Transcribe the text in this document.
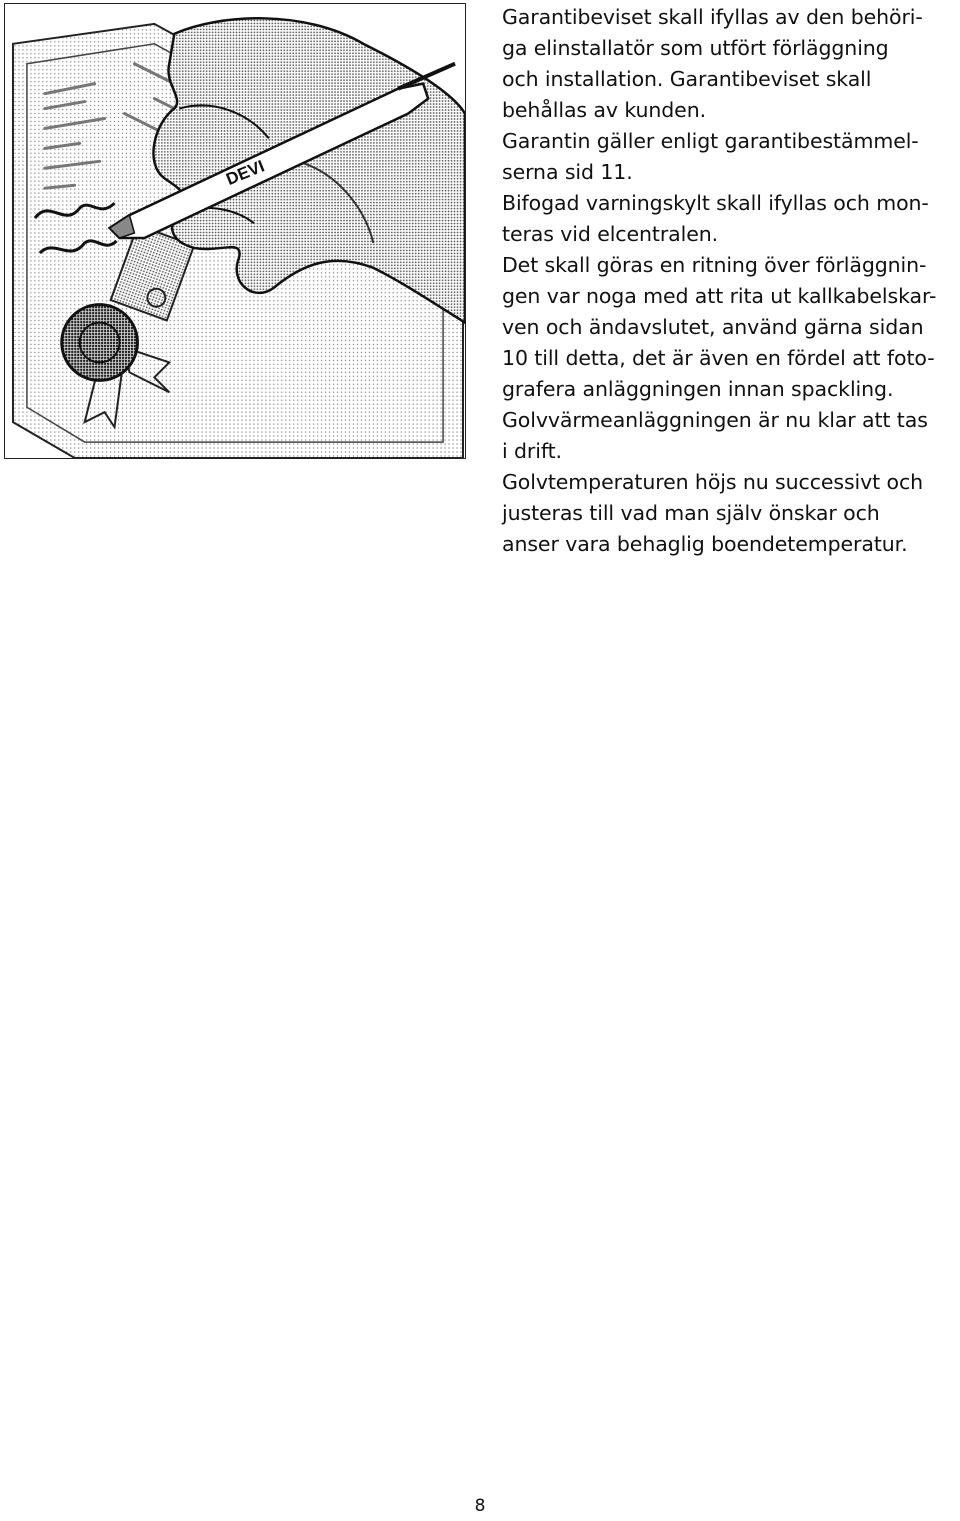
DEVI

Garantibeviset skall ifyllas av den behöri-
ga elinstallatör som utfört förläggning
och installation. Garantibeviset skall
behållas av kunden.

Garantin gäller enligt garantibestämmel-
serna sid 11.

Bifogad varningskylt skall ifyllas och mon-
teras vid elcentralen.

Det skall göras en ritning över förläggnin-
gen var noga med att rita ut kallkabelskar-
ven och ändavslutet, använd gärna sidan
10 till detta, det är även en fördel att foto-
grafera anläggningen innan spackling.

Golvvärmeanläggningen är nu klar att tas
i drift.

Golvtemperaturen höjs nu successivt och
justeras till vad man själv önskar och
anser vara behaglig boendetemperatur.

8
